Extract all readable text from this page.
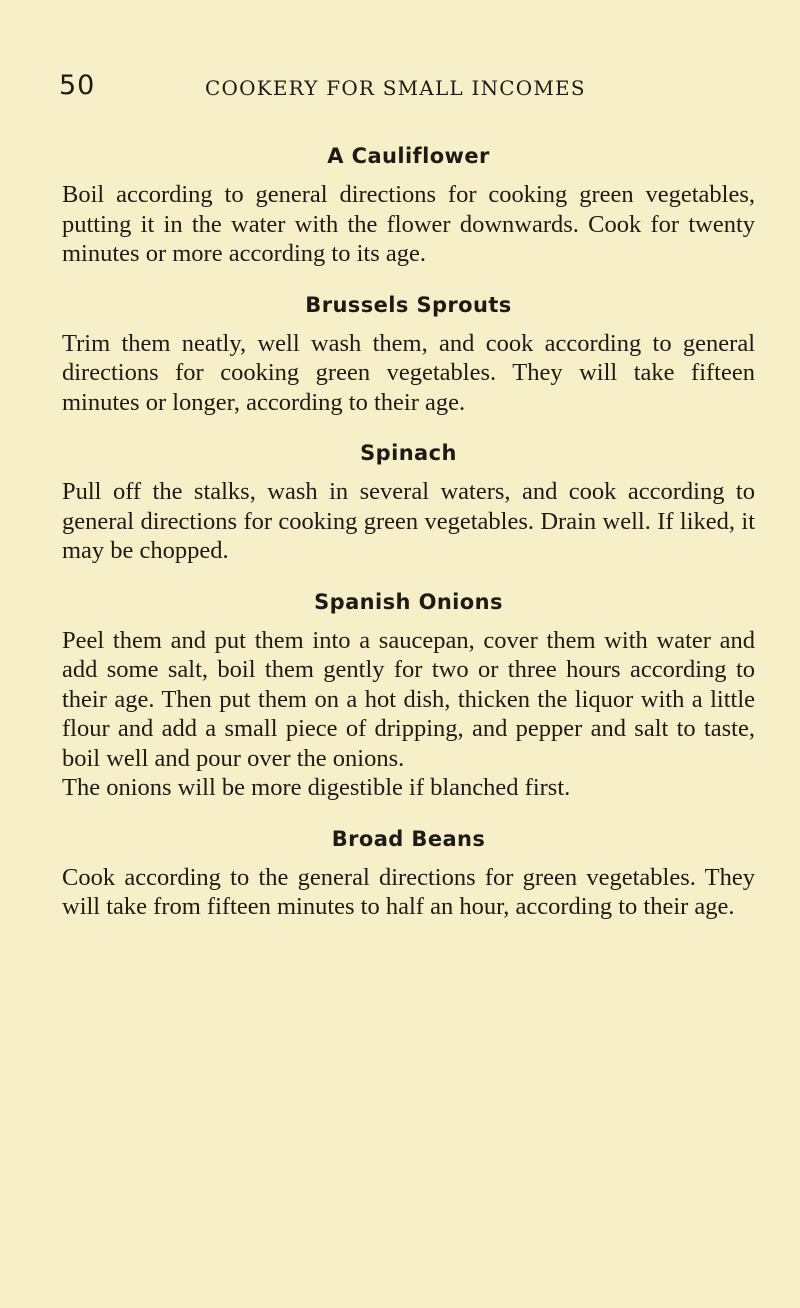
50	COOKERY FOR SMALL INCOMES
A Cauliflower

Boil according to general directions for cooking green vegetables, putting it in the water with the flower downwards. Cook for twenty minutes or more according to its age.

Brussels Sprouts

Trim them neatly, well wash them, and cook according to general directions for cooking green vegetables. They will take fifteen minutes or longer, according to their age.

Spinach

Pull off the stalks, wash in several waters, and cook according to general directions for cooking green vegetables. Drain well. If liked, it may be chopped.

Spanish Onions

Peel them and put them into a saucepan, cover them with water and add some salt, boil them gently for two or three hours according to their age. Then put them on a hot dish, thicken the liquor with a little flour and add a small piece of dripping, and pepper and salt to taste, boil well and pour over the onions.

The onions will be more digestible if blanched first.

Broad Beans

Cook according to the general directions for green vegetables. They will take from fifteen minutes to half an hour, according to their age.
